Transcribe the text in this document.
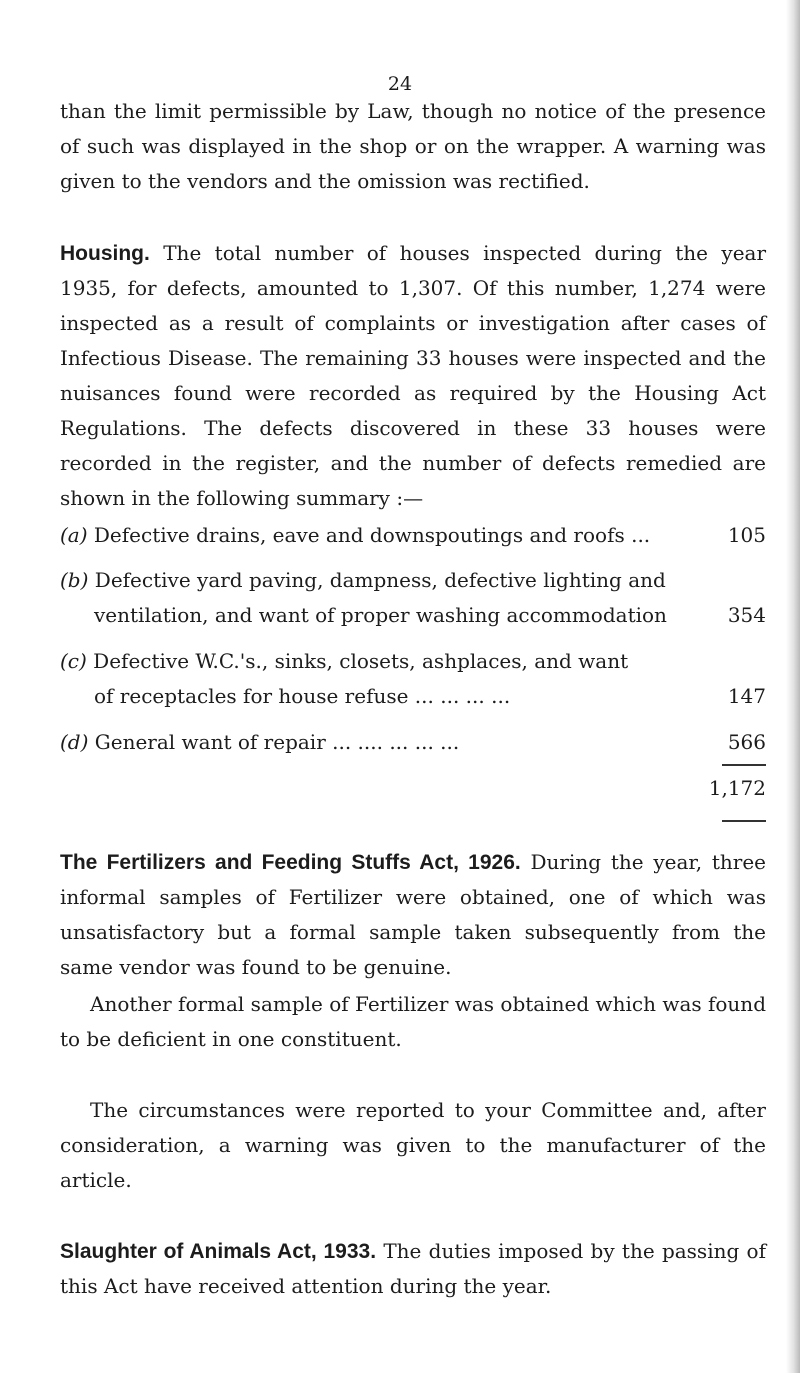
24

than the limit permissible by Law, though no notice of the presence of such was displayed in the shop or on the wrapper. A warning was given to the vendors and the omission was rectified.

Housing. The total number of houses inspected during the year 1935, for defects, amounted to 1,307. Of this number, 1,274 were inspected as a result of complaints or investigation after cases of Infectious Disease. The remaining 33 houses were inspected and the nuisances found were recorded as required by the Housing Act Regulations. The defects discovered in these 33 houses were recorded in the register, and the number of defects remedied are shown in the following summary :—

(a) Defective drains, eave and downspoutings and roofs ...	105
(b) Defective yard paving, dampness, defective lighting and
ventilation, and want of proper washing accommodation	354
(c) Defective W.C.'s., sinks, closets, ashplaces, and want
of receptacles for house refuse ... ... ... ...	147
(d) General want of repair ... .... ... ... ...	566
1,172

The Fertilizers and Feeding Stuffs Act, 1926. During the year, three informal samples of Fertilizer were obtained, one of which was unsatisfactory but a formal sample taken subsequently from the same vendor was found to be genuine.

Another formal sample of Fertilizer was obtained which was found to be deficient in one constituent.

The circumstances were reported to your Committee and, after consideration, a warning was given to the manufacturer of the article.

Slaughter of Animals Act, 1933. The duties imposed by the passing of this Act have received attention during the year.
